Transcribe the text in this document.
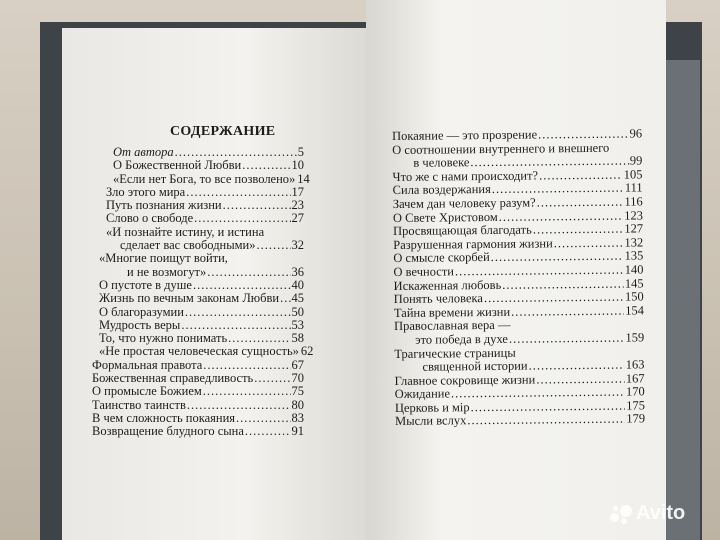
СОДЕРЖАНИЕ
От автора .....	5
О Божественной Любви .....	10
«Если нет Бога, то все позволено» 14
Зло этого мира .....	17
Путь познания жизни .....	23
Слово о свободе .....	27
«И познайте истину, и истина
сделает вас свободными» .....	32
«Многие поищут войти,
и не возмогут» .....	36
О пустоте в душе .....	40
Жизнь по вечным законам Любви ..... 45
О благоразумии .....	50
Мудрость веры .....	53
То, что нужно понимать .....	58
«Не простая человеческая сущность» 62
Формальная правота .....	67
Божественная справедливость .....	70
О промысле Божием .....	75
Таинство таинств .....	80
В чем сложность покаяния .....	83
Возвращение блудного сына .....	91
Покаяние — это прозрение .....	96
О соотношении внутреннего и внешнего
в человеке .....	99
Что же с нами происходит? .....	105
Сила воздержания .....	111
Зачем дан человеку разум? .....	116
О Свете Христовом .....	123
Просвящающая благодать .....	127
Разрушенная гармония жизни .....	132
О смысле скорбей .....	135
О вечности .....	140
Искаженная любовь .....	145
Понять человека .....	150
Тайна времени жизни .....	154
Православная вера —
это победа в духе .....	159
Трагические страницы
священной истории .....	163
Главное сокровище жизни .....	167
Ожидание .....	170
Церковь и мiр .....	175
Мысли вслух .....	179
Avito
